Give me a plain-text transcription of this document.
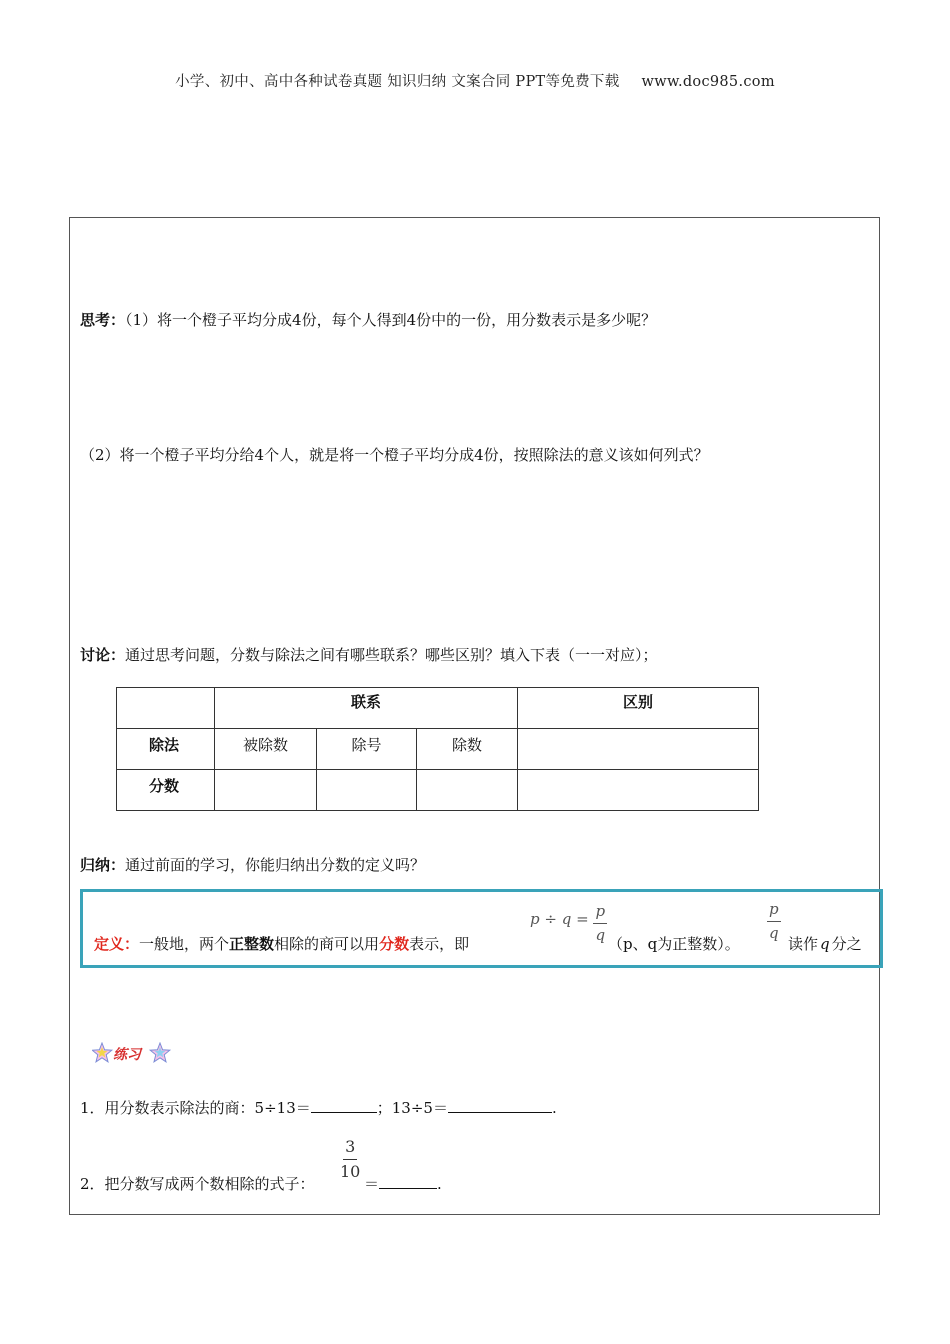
小学、初中、高中各种试卷真题 知识归纳 文案合同 PPT等免费下载 www.doc985.com
思考：（1）将一个橙子平均分成4份，每个人得到4份中的一份，用分数表示是多少呢？
（2）将一个橙子平均分给4个人，就是将一个橙子平均分成4份，按照除法的意义该如何列式？
讨论：通过思考问题，分数与除法之间有哪些联系？哪些区别？填入下表（一一对应）；

	联系			区别

除法	被除数	除号	除数	

分数				

归纳：通过前面的学习，你能归纳出分数的定义吗？
定义：一般地，两个正整数相除的商可以用分数表示，即
$p \div q = \frac{p}{q}$
（p、q为正整数）。
$\frac{p}{q}$
读作 q 分之
练习
1．用分数表示除法的商：5÷13＝	；13÷5＝	.
2．把分数写成两个数相除的式子：
$\frac{3}{10}$
＝	.
